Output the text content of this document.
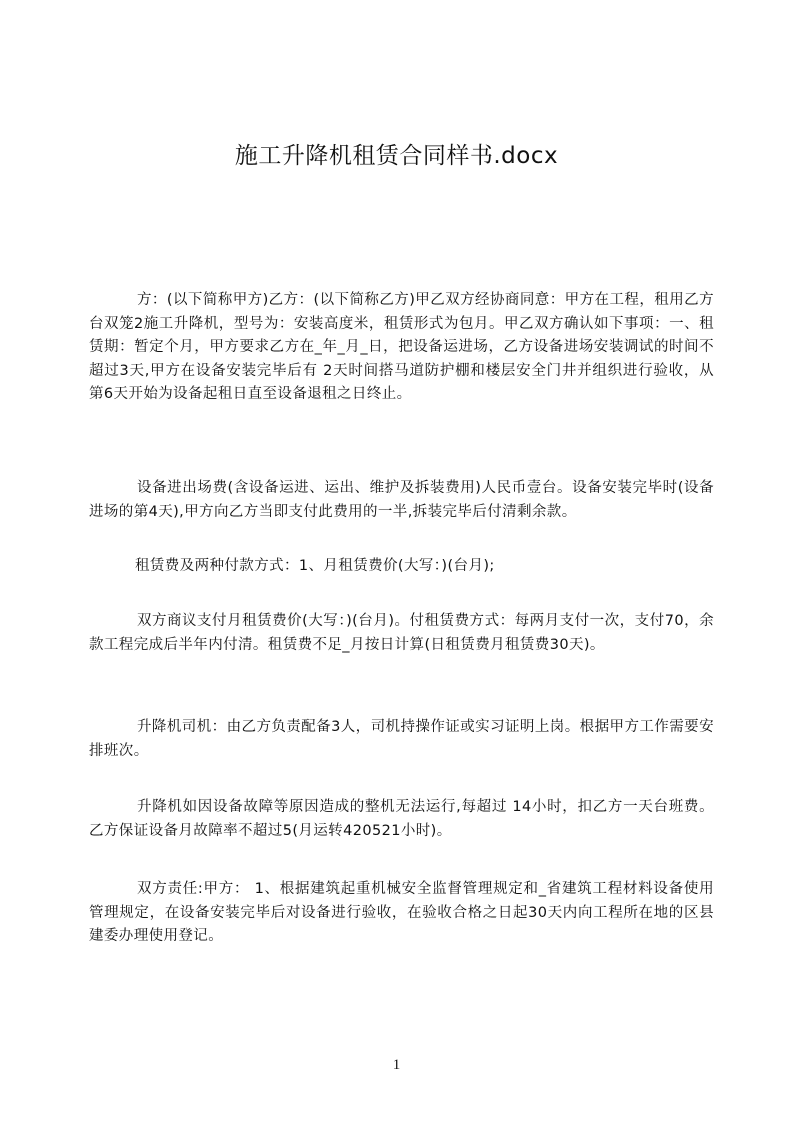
施工升降机租赁合同样书.docx

方：(以下简称甲方)乙方：(以下简称乙方)甲乙双方经协商同意：甲方在工程，租用乙方台双笼2施工升降机，型号为：安装高度米，租赁形式为包月。甲乙双方确认如下事项：一、租赁期：暂定个月，甲方要求乙方在_年_月_日，把设备运进场，乙方设备进场安装调试的时间不超过3天,甲方在设备安装完毕后有 2天时间搭马道防护棚和楼层安全门井并组织进行验收，从第6天开始为设备起租日直至设备退租之日终止。

设备进出场费(含设备运进、运出、维护及拆装费用)人民币壹台。设备安装完毕时(设备进场的第4天),甲方向乙方当即支付此费用的一半,拆装完毕后付清剩余款。

租赁费及两种付款方式：1、月租赁费价(大写：)(台月);

双方商议支付月租赁费价(大写：)(台月)。付租赁费方式：每两月支付一次，支付70，余款工程完成后半年内付清。租赁费不足_月按日计算(日租赁费月租赁费30天)。

升降机司机：由乙方负责配备3人，司机持操作证或实习证明上岗。根据甲方工作需要安排班次。

升降机如因设备故障等原因造成的整机无法运行,每超过 14小时，扣乙方一天台班费。乙方保证设备月故障率不超过5(月运转420521小时)。

双方责任:甲方： 1、根据建筑起重机械安全监督管理规定和_省建筑工程材料设备使用管理规定，在设备安装完毕后对设备进行验收，在验收合格之日起30天内向工程所在地的区县建委办理使用登记。

1
